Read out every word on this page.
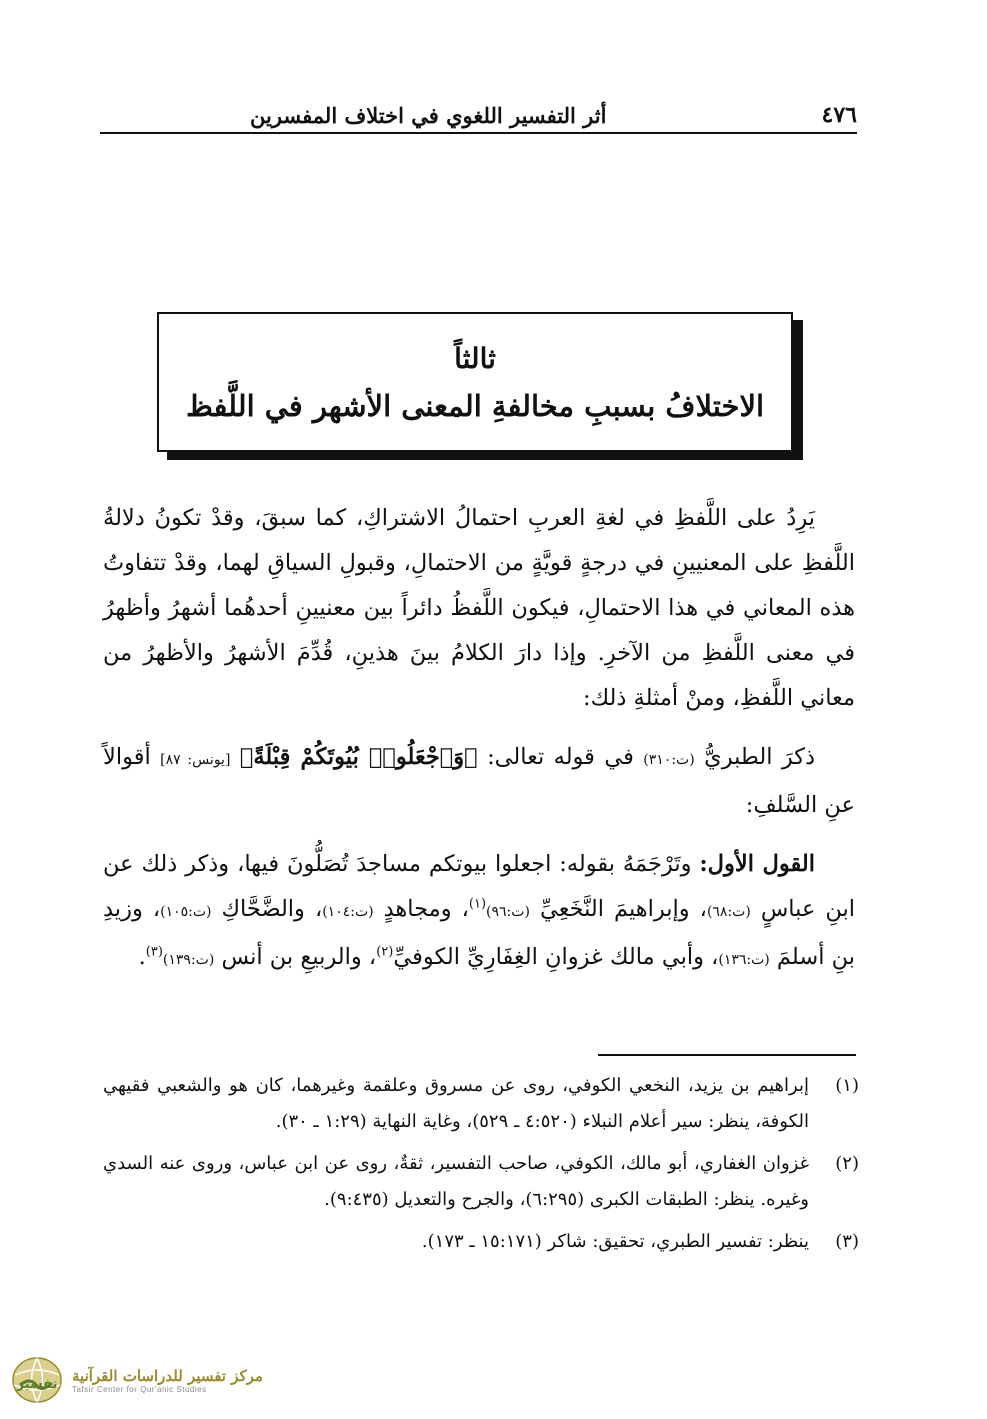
٤٧٦
أثر التفسير اللغوي في اختلاف المفسرين
ثالثاً
الاختلافُ بسببِ مخالفةِ المعنى الأشهر في اللَّفظ

يَرِدُ على اللَّفظِ في لغةِ العربِ احتمالُ الاشتراكِ، كما سبقَ، وقدْ تكونُ دلالةُ اللَّفظِ على المعنيينِ في درجةٍ قويَّةٍ من الاحتمالِ، وقبولِ السياقِ لهما، وقدْ تتفاوتُ هذه المعاني في هذا الاحتمالِ، فيكون اللَّفظُ دائراً بين معنيينِ أحدهُما أشهرُ وأظهرُ في معنى اللَّفظِ من الآخرِ. وإذا دارَ الكلامُ بينَ هذينِ، قُدِّمَ الأشهرُ والأظهرُ من معاني اللَّفظِ، ومنْ أمثلةِ ذلك:

ذكرَ الطبريُّ (ت:٣١٠) في قوله تعالى: ﴿وَٱجْعَلُوا۟ بُيُوتَكُمْ قِبْلَةً﴾ [يونس: ٨٧] أقوالاً عنِ السَّلفِ:

القول الأول: وتَرْجَمَهُ بقوله: اجعلوا بيوتكم مساجدَ تُصَلُّونَ فيها، وذكر ذلك عن ابنِ عباسٍ (ت:٦٨)، وإبراهيمَ النَّخَعِيِّ (ت:٩٦)$^{(١)}$، ومجاهدٍ (ت:١٠٤)، والضَّحَّاكِ (ت:١٠٥)، وزيدِ بنِ أسلمَ (ت:١٣٦)، وأبي مالك غزوانِ الغِفَارِيِّ الكوفيِّ$^{(٢)}$، والربيعِ بن أنس (ت:١٣٩)$^{(٣)}$.

(١)
إبراهيم بن يزيد، النخعي الكوفي، روى عن مسروق وعلقمة وغيرهما، كان هو والشعبي فقيهي الكوفة، ينظر: سير أعلام النبلاء (٤:٥٢٠ ـ ٥٢٩)، وغاية النهاية (١:٢٩ ـ ٣٠).
(٢)
غزوان الغفاري، أبو مالك، الكوفي، صاحب التفسير، ثقةٌ، روى عن ابن عباس، وروى عنه السدي وغيره. ينظر: الطبقات الكبرى (٦:٢٩٥)، والجرح والتعديل (٩:٤٣٥).
(٣)
ينظر: تفسير الطبري، تحقيق: شاكر (١٥:١٧١ ـ ١٧٣).
تفسير مركز تفسير للدراسات القرآنية
Tafsir Center for Qur'anic Studies
